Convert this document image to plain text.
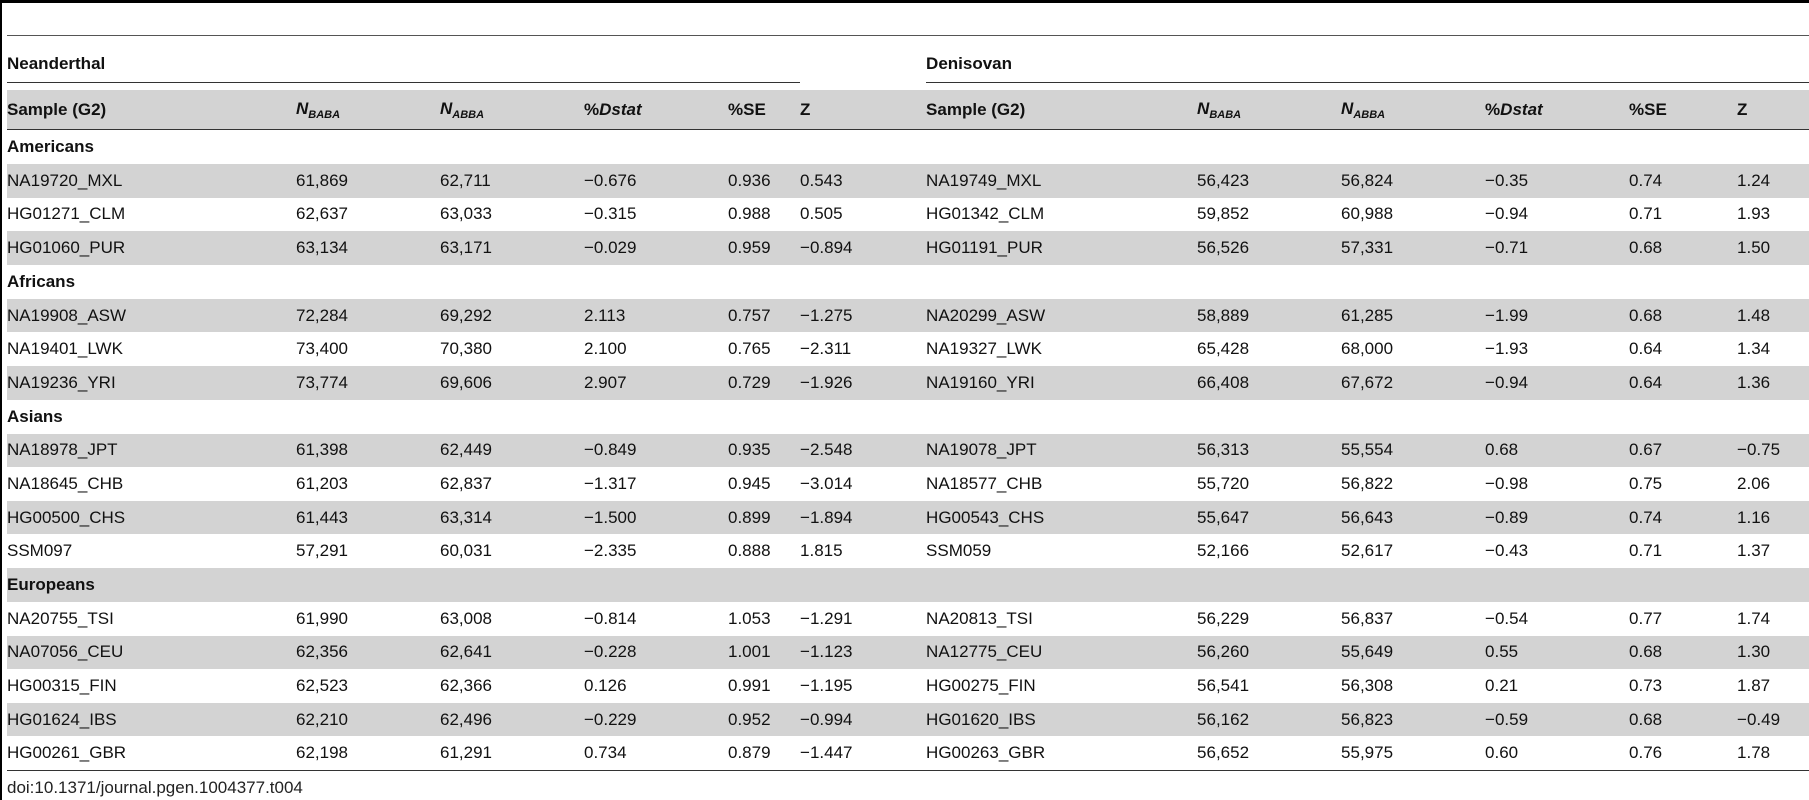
Neanderthal						Denisovan					

Sample (G2)	$N_{BABA}$	$N_{ABBA}$	%Dstat	%SE	Z	Sample (G2)	$N_{BABA}$	$N_{ABBA}$	%Dstat	%SE	Z
Americans											
NA19720_MXL	61,869	62,711	−0.676	0.936	0.543	NA19749_MXL	56,423	56,824	−0.35	0.74	1.24
HG01271_CLM	62,637	63,033	−0.315	0.988	0.505	HG01342_CLM	59,852	60,988	−0.94	0.71	1.93
HG01060_PUR	63,134	63,171	−0.029	0.959	−0.894	HG01191_PUR	56,526	57,331	−0.71	0.68	1.50
Africans											
NA19908_ASW	72,284	69,292	2.113	0.757	−1.275	NA20299_ASW	58,889	61,285	−1.99	0.68	1.48
NA19401_LWK	73,400	70,380	2.100	0.765	−2.311	NA19327_LWK	65,428	68,000	−1.93	0.64	1.34
NA19236_YRI	73,774	69,606	2.907	0.729	−1.926	NA19160_YRI	66,408	67,672	−0.94	0.64	1.36
Asians											
NA18978_JPT	61,398	62,449	−0.849	0.935	−2.548	NA19078_JPT	56,313	55,554	0.68	0.67	−0.75
NA18645_CHB	61,203	62,837	−1.317	0.945	−3.014	NA18577_CHB	55,720	56,822	−0.98	0.75	2.06
HG00500_CHS	61,443	63,314	−1.500	0.899	−1.894	HG00543_CHS	55,647	56,643	−0.89	0.74	1.16
SSM097	57,291	60,031	−2.335	0.888	1.815	SSM059	52,166	52,617	−0.43	0.71	1.37
Europeans											
NA20755_TSI	61,990	63,008	−0.814	1.053	−1.291	NA20813_TSI	56,229	56,837	−0.54	0.77	1.74
NA07056_CEU	62,356	62,641	−0.228	1.001	−1.123	NA12775_CEU	56,260	55,649	0.55	0.68	1.30
HG00315_FIN	62,523	62,366	0.126	0.991	−1.195	HG00275_FIN	56,541	56,308	0.21	0.73	1.87
HG01624_IBS	62,210	62,496	−0.229	0.952	−0.994	HG01620_IBS	56,162	56,823	−0.59	0.68	−0.49
HG00261_GBR	62,198	61,291	0.734	0.879	−1.447	HG00263_GBR	56,652	55,975	0.60	0.76	1.78
doi:10.1371/journal.pgen.1004377.t004
